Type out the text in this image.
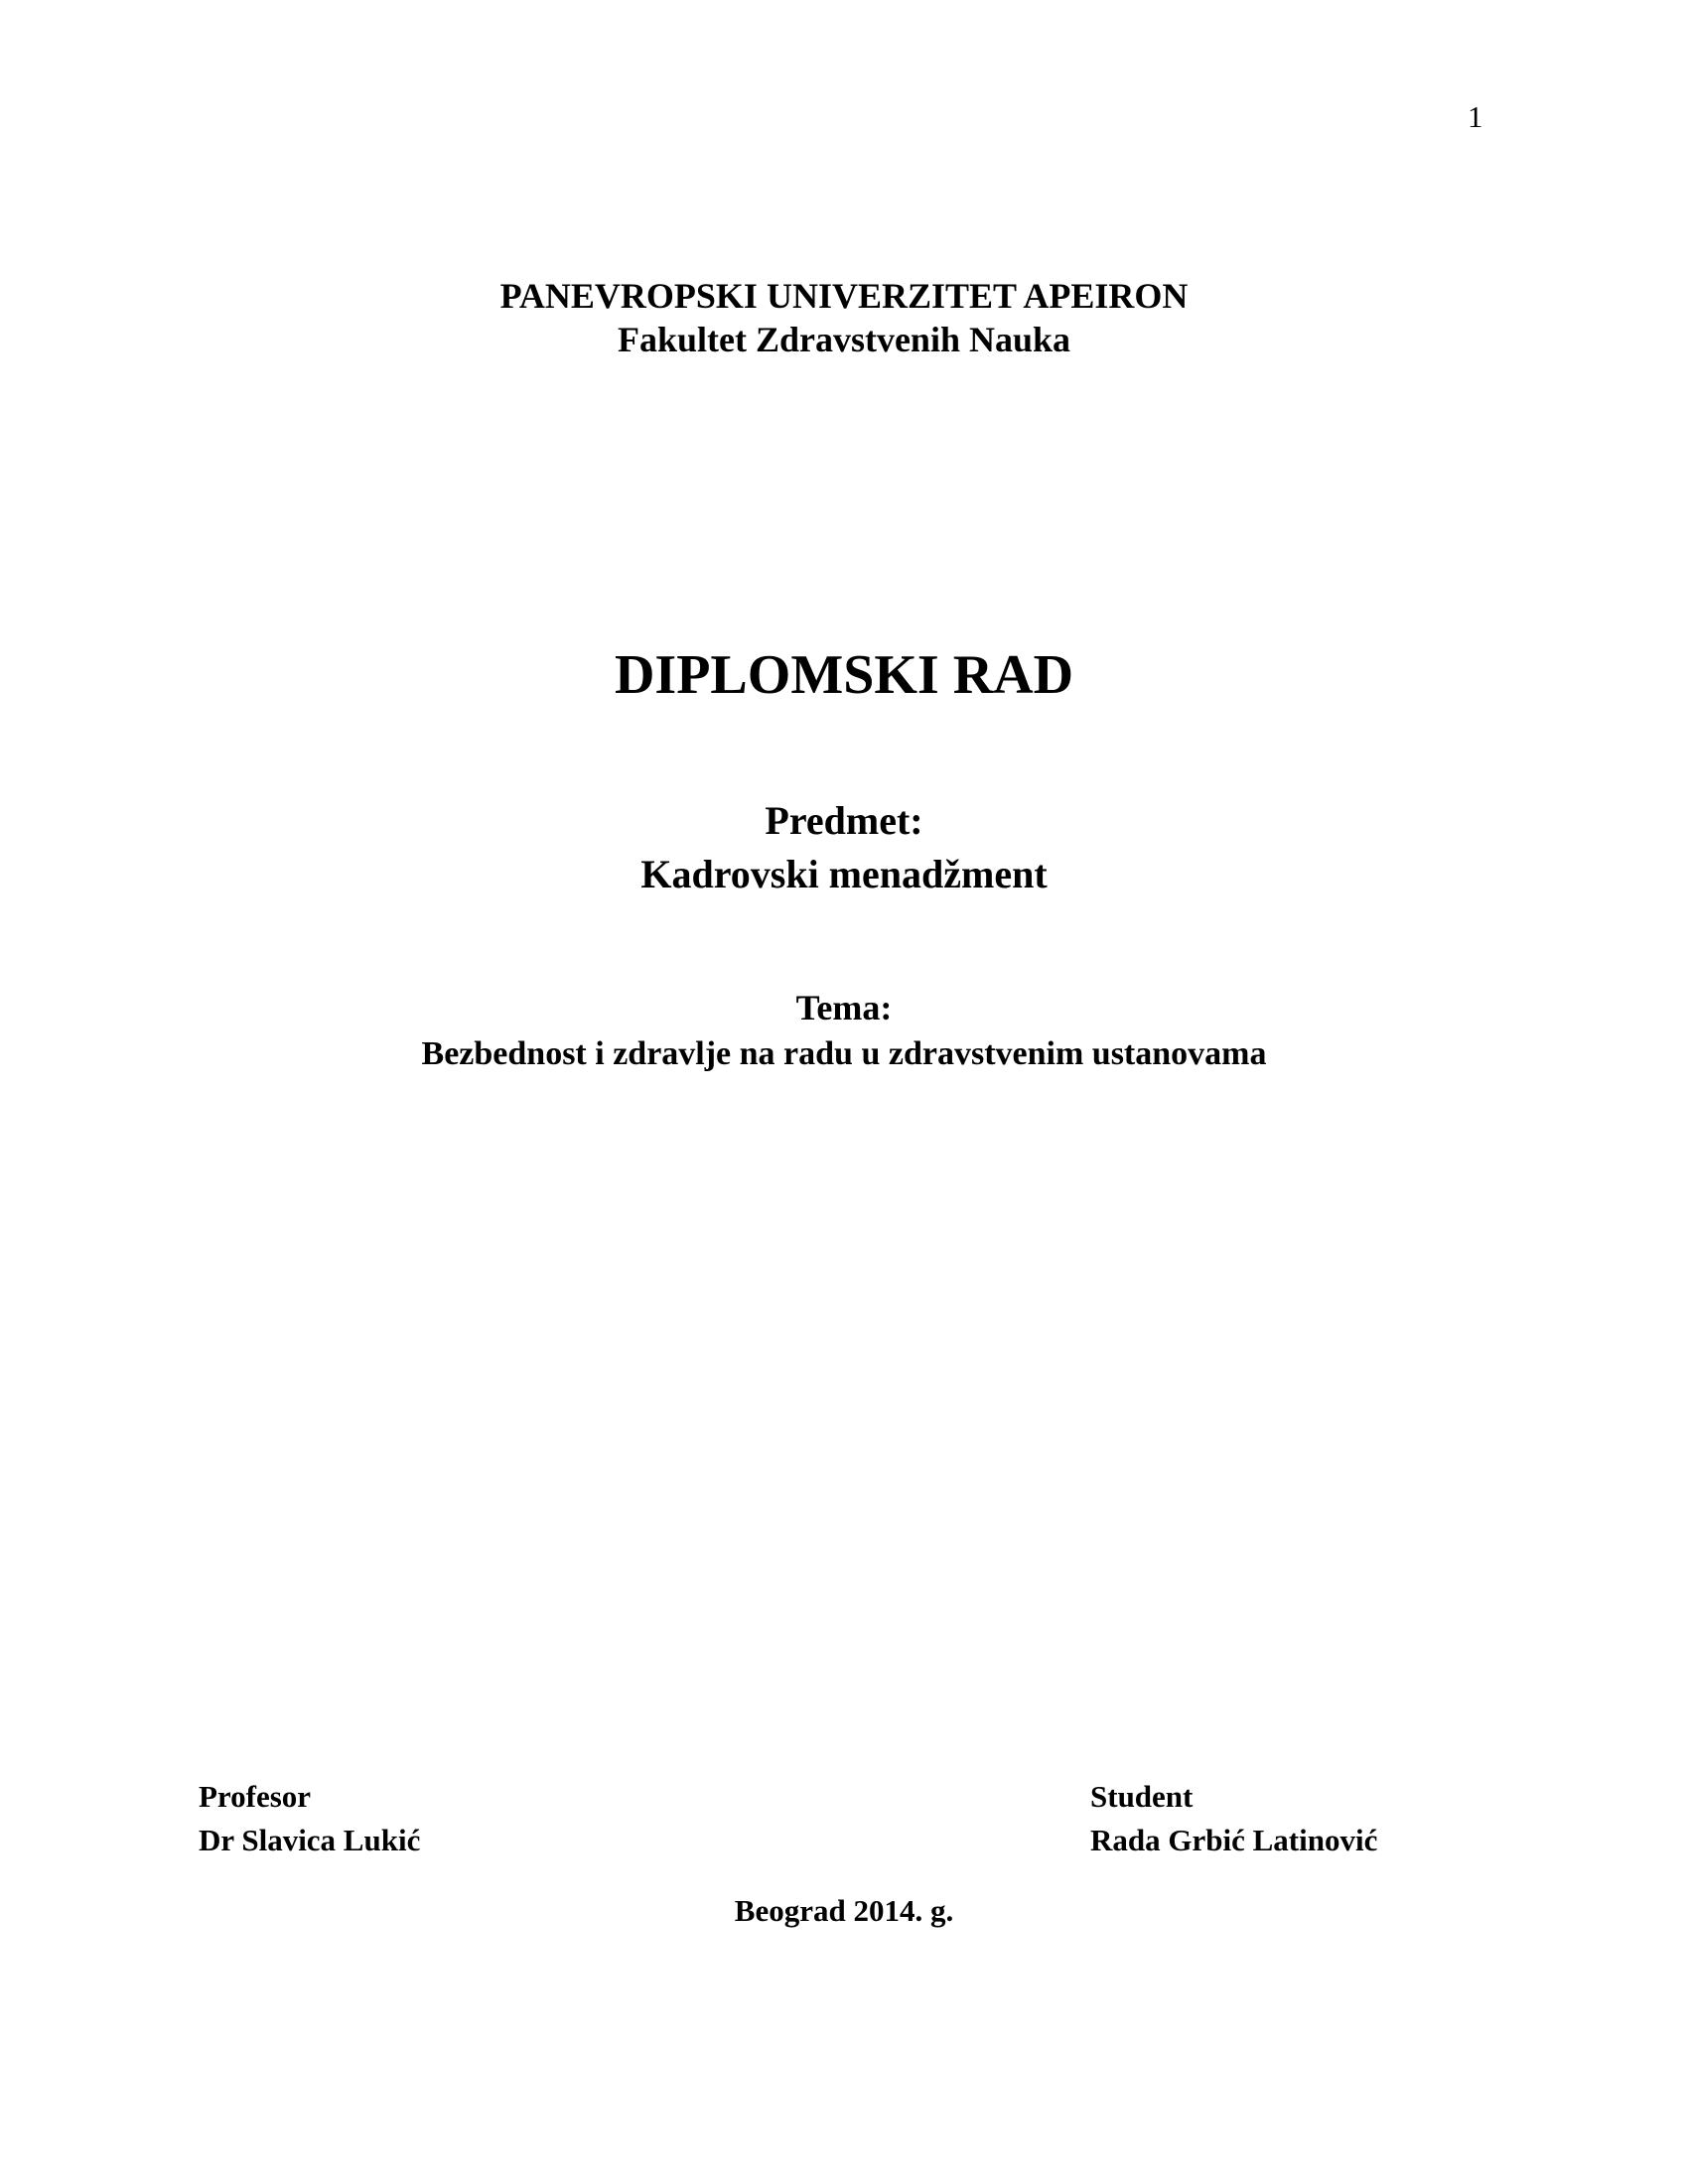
1
PANEVROPSKI UNIVERZITET APEIRON
Fakultet Zdravstvenih Nauka
DIPLOMSKI RAD
Predmet:
Kadrovski menadžment
Tema:
Bezbednost i zdravlje na radu u zdravstvenim ustanovama
Profesor
Dr Slavica Lukić
Student
Rada Grbić Latinović
Beograd 2014. g.
